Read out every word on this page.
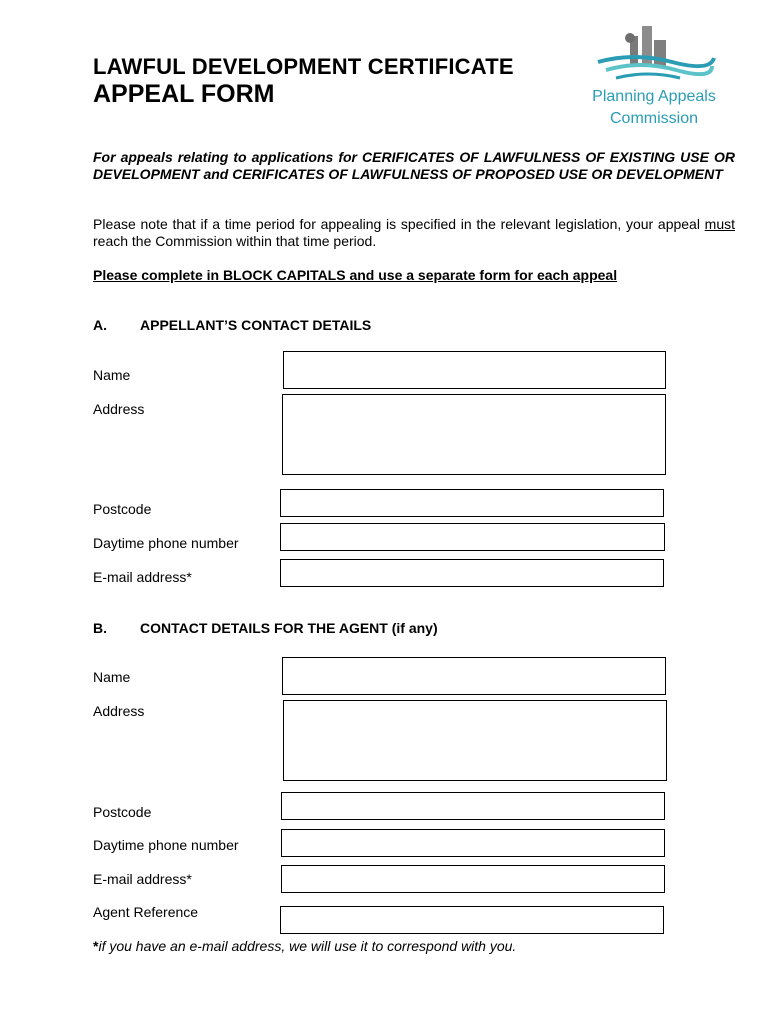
LAWFUL DEVELOPMENT CERTIFICATE
APPEAL FORM	Planning Appeals
Commission
For appeals relating to applications for CERIFICATES OF LAWFULNESS OF EXISTING USE OR DEVELOPMENT and CERIFICATES OF LAWFULNESS OF PROPOSED USE OR DEVELOPMENT
Please note that if a time period for appealing is specified in the relevant legislation, your appeal must reach the Commission within that time period.
Please complete in BLOCK CAPITALS and use a separate form for each appeal
A. APPELLANT’S CONTACT DETAILS
Name
Address
Postcode
Daytime phone number
E-mail address*
B. CONTACT DETAILS FOR THE AGENT (if any)
Name
Address
Postcode
Daytime phone number
E-mail address*
Agent Reference
*if you have an e-mail address, we will use it to correspond with you.
